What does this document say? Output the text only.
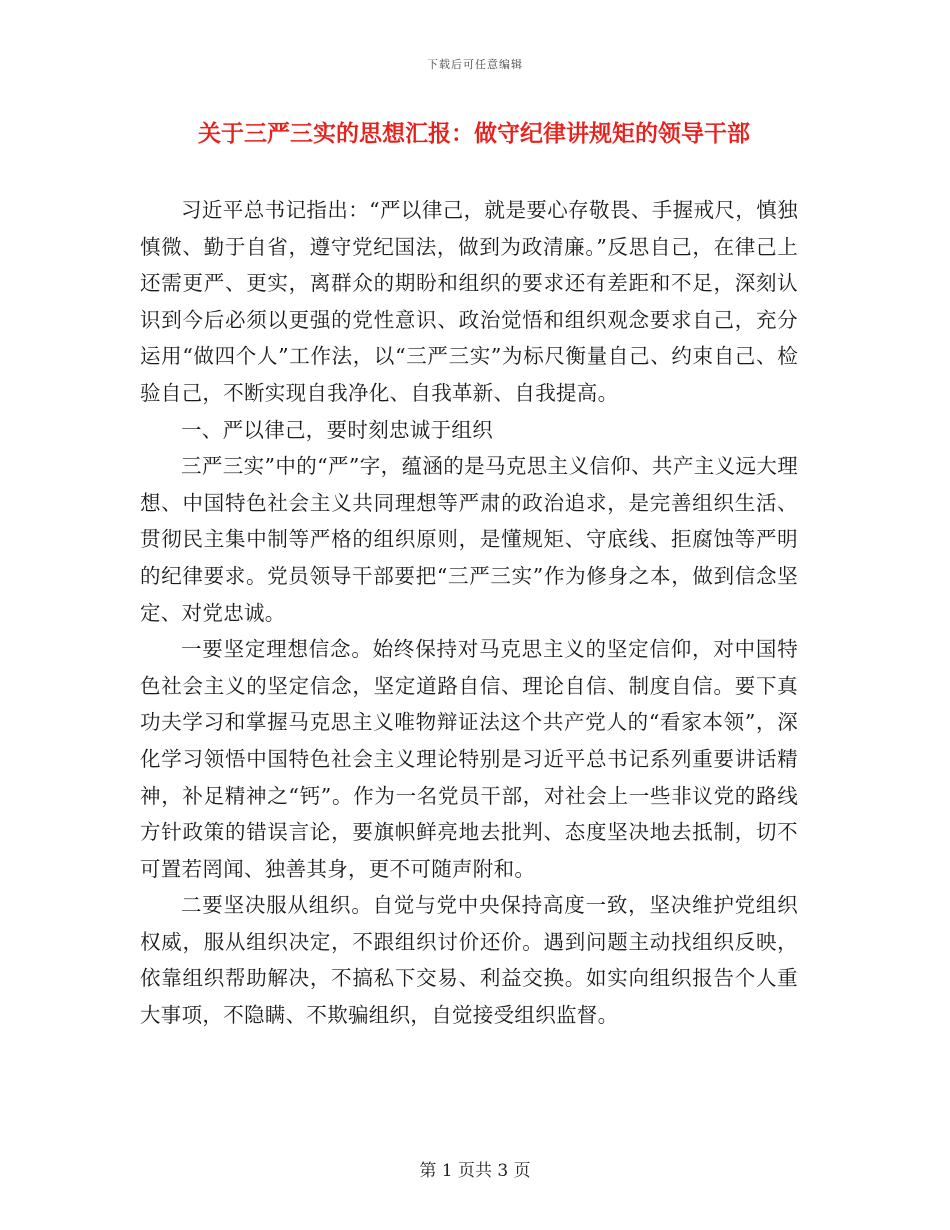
下载后可任意编辑
关于三严三实的思想汇报：做守纪律讲规矩的领导干部

习近平总书记指出：“严以律己，就是要心存敬畏、手握戒尺，慎独慎微、勤于自省，遵守党纪国法，做到为政清廉。”反思自己，在律己上还需更严、更实，离群众的期盼和组织的要求还有差距和不足，深刻认识到今后必须以更强的党性意识、政治觉悟和组织观念要求自己，充分运用“做四个人”工作法，以“三严三实”为标尺衡量自己、约束自己、检验自己，不断实现自我净化、自我革新、自我提高。

一、严以律己，要时刻忠诚于组织

三严三实”中的“严”字，蕴涵的是马克思主义信仰、共产主义远大理想、中国特色社会主义共同理想等严肃的政治追求，是完善组织生活、贯彻民主集中制等严格的组织原则，是懂规矩、守底线、拒腐蚀等严明的纪律要求。党员领导干部要把“三严三实”作为修身之本，做到信念坚定、对党忠诚。

一要坚定理想信念。始终保持对马克思主义的坚定信仰，对中国特色社会主义的坚定信念，坚定道路自信、理论自信、制度自信。要下真功夫学习和掌握马克思主义唯物辩证法这个共产党人的“看家本领”，深化学习领悟中国特色社会主义理论特别是习近平总书记系列重要讲话精神，补足精神之“钙”。作为一名党员干部，对社会上一些非议党的路线方针政策的错误言论，要旗帜鲜亮地去批判、态度坚决地去抵制，切不可置若罔闻、独善其身，更不可随声附和。

二要坚决服从组织。自觉与党中央保持高度一致，坚决维护党组织权威，服从组织决定，不跟组织讨价还价。遇到问题主动找组织反映，依靠组织帮助解决，不搞私下交易、利益交换。如实向组织报告个人重大事项，不隐瞒、不欺骗组织，自觉接受组织监督。

第 1 页共 3 页
